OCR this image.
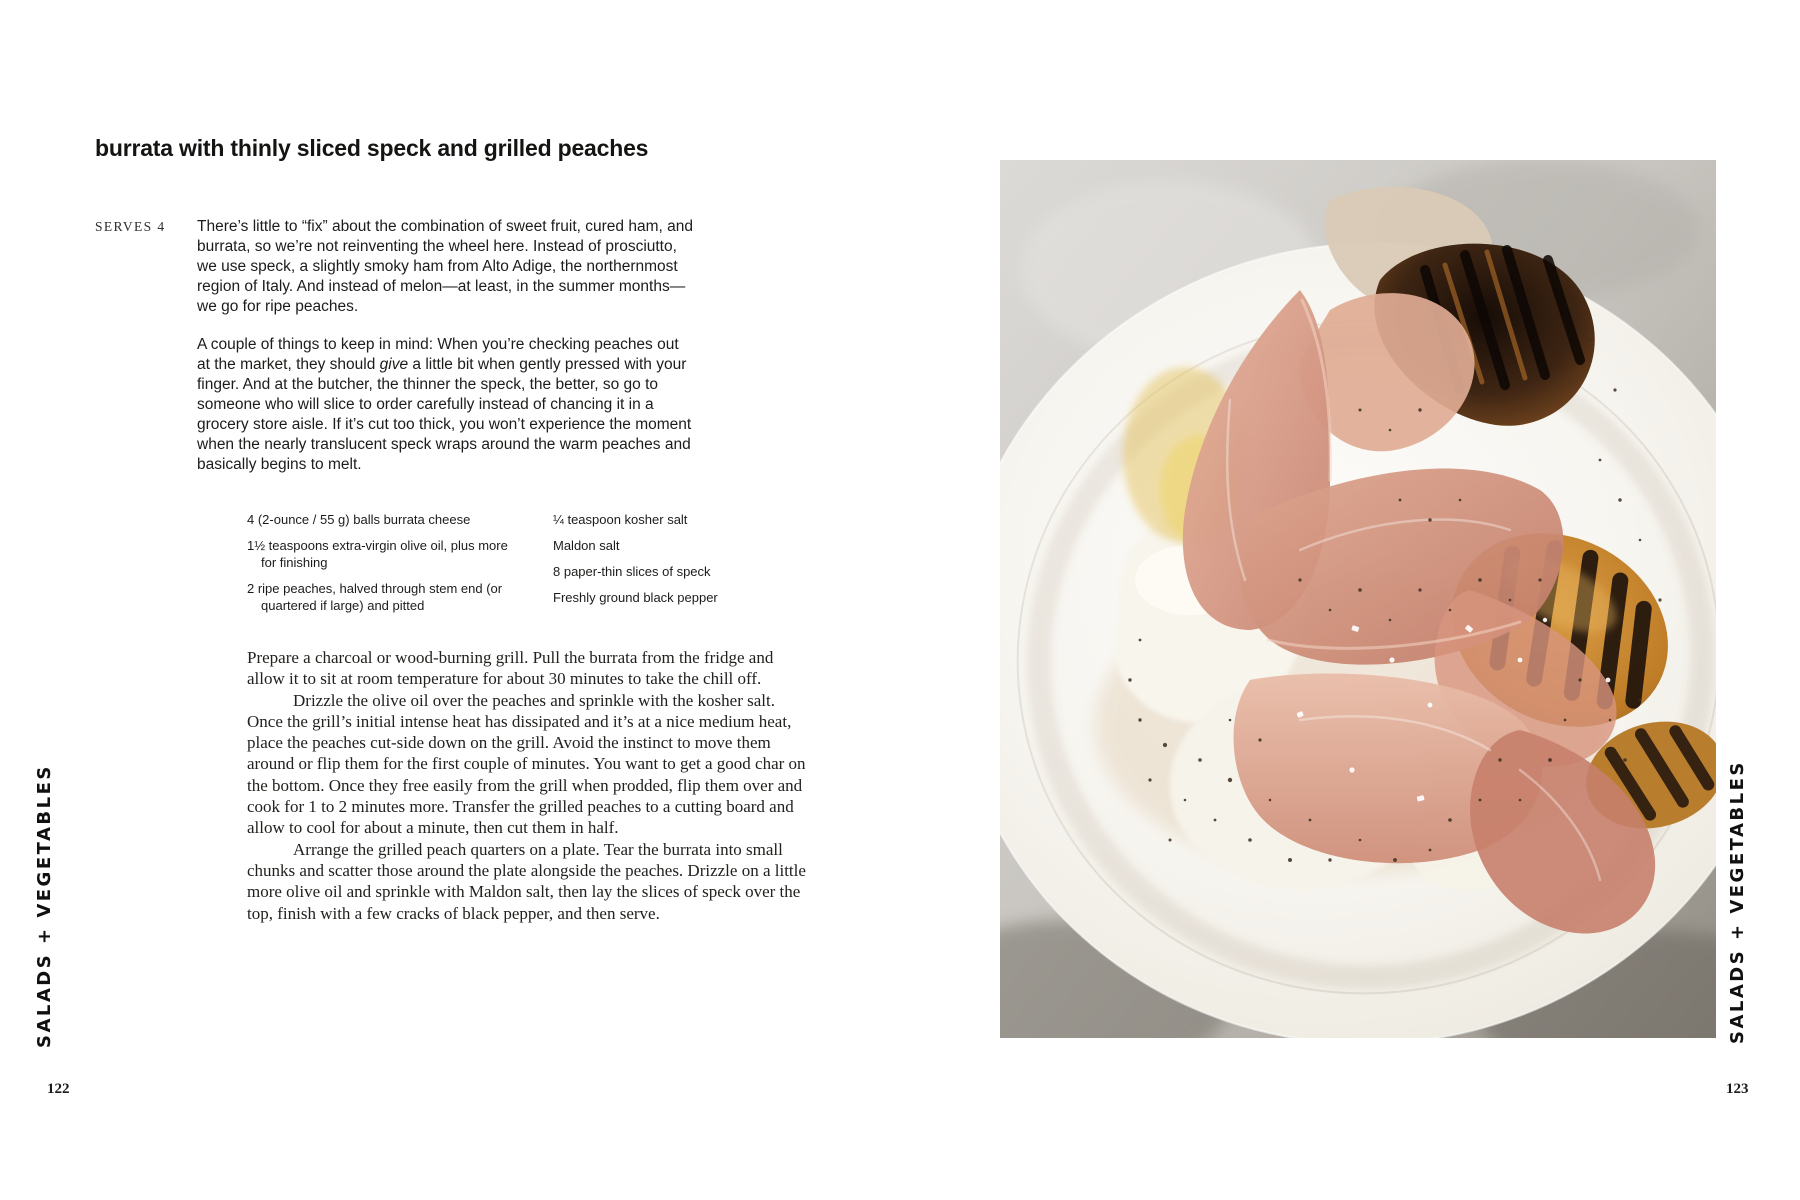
burrata with thinly sliced speck and grilled peaches
SERVES 4 There’s little to “fix” about the combination of sweet fruit, cured ham, and burrata, so we’re not reinventing the wheel here. Instead of prosciutto, we use speck, a slightly smoky ham from Alto Adige, the northernmost region of Italy. And instead of melon—at least, in the summer months—we go for ripe peaches.

A couple of things to keep in mind: When you’re checking peaches out at the market, they should give a little bit when gently pressed with your finger. And at the butcher, the thinner the speck, the better, so go to someone who will slice to order carefully instead of chancing it in a grocery store aisle. If it’s cut too thick, you won’t experience the moment when the nearly translucent speck wraps around the warm peaches and basically begins to melt.

4 (2-ounce / 55 g) balls burrata cheese

1½ teaspoons extra-virgin olive oil, plus more for finishing

2 ripe peaches, halved through stem end (or quartered if large) and pitted

¼ teaspoon kosher salt

Maldon salt

8 paper-thin slices of speck

Freshly ground black pepper

Prepare a charcoal or wood-burning grill. Pull the burrata from the fridge and allow it to sit at room temperature for about 30 minutes to take the chill off.

Drizzle the olive oil over the peaches and sprinkle with the kosher salt. Once the grill’s initial intense heat has dissipated and it’s at a nice medium heat, place the peaches cut-side down on the grill. Avoid the instinct to move them around or flip them for the first couple of minutes. You want to get a good char on the bottom. Once they free easily from the grill when prodded, flip them over and cook for 1 to 2 minutes more. Transfer the grilled peaches to a cutting board and allow to cool for about a minute, then cut them in half.

Arrange the grilled peach quarters on a plate. Tear the burrata into small chunks and scatter those around the plate alongside the peaches. Drizzle on a little more olive oil and sprinkle with Maldon salt, then lay the slices of speck over the top, finish with a few cracks of black pepper, and then serve.

SALADS + VEGETABLES
122
SALADS + VEGETABLES
123
